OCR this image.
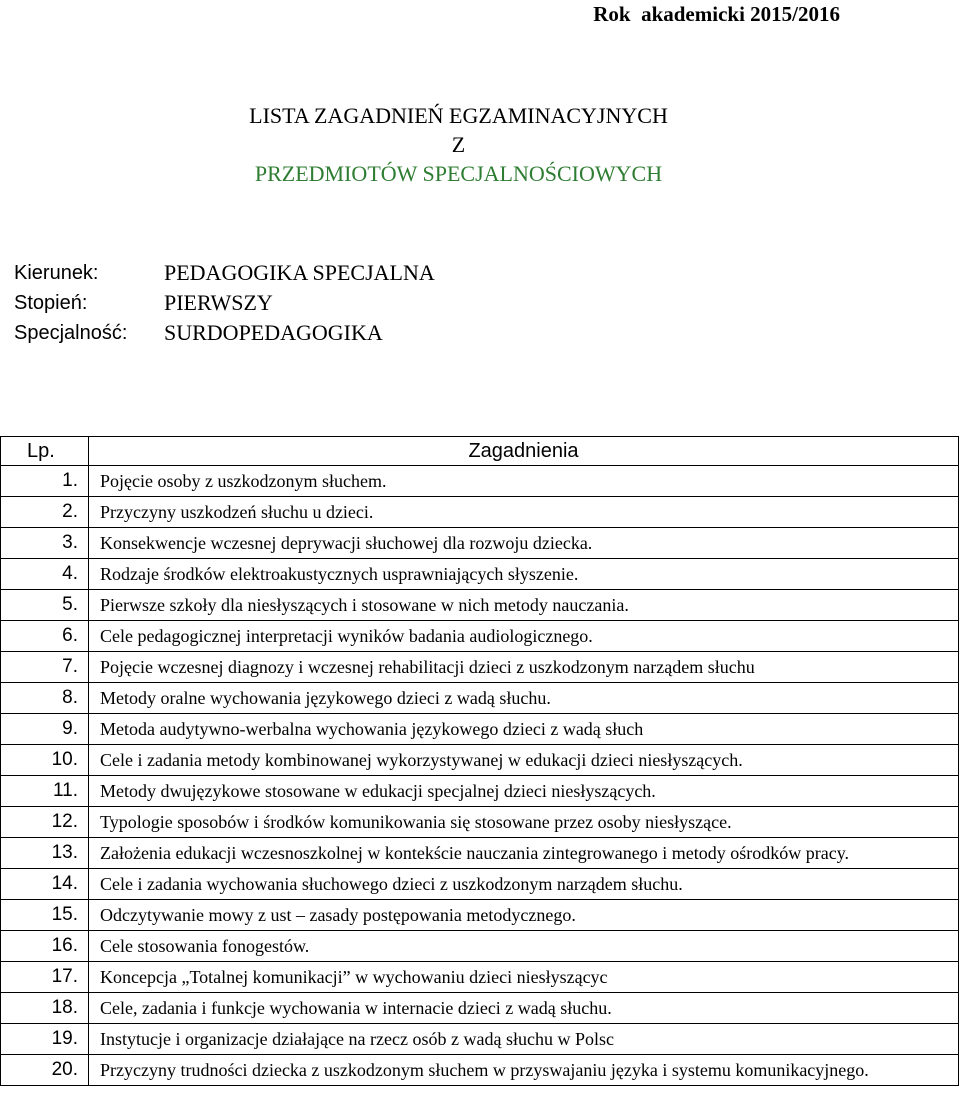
Rok  akademicki 2015/2016
LISTA ZAGADNIEŃ EGZAMINACYJNYCH
Z
PRZEDMIOTÓW SPECJALNOŚCIOWYCH
Kierunek:	PEDAGOGIKA SPECJALNA
Stopień:	PIERWSZY
Specjalność:	SURDOPEDAGOGIKA
Lp.	Zagadnienia
1.	Pojęcie osoby z uszkodzonym słuchem.
2.	Przyczyny uszkodzeń słuchu u dzieci.
3.	Konsekwencje wczesnej deprywacji słuchowej dla rozwoju dziecka.
4.	Rodzaje środków elektroakustycznych usprawniających słyszenie.
5.	Pierwsze szkoły dla niesłyszących i stosowane w nich metody nauczania.
6.	Cele pedagogicznej interpretacji wyników badania audiologicznego.
7.	Pojęcie wczesnej diagnozy i wczesnej rehabilitacji dzieci z uszkodzonym narządem słuchu
8.	Metody oralne wychowania językowego dzieci z wadą słuchu.
9.	Metoda audytywno-werbalna wychowania językowego dzieci z wadą słuch
10.	Cele i zadania metody kombinowanej wykorzystywanej w edukacji dzieci niesłyszących.
11.	Metody dwujęzykowe stosowane w edukacji specjalnej dzieci niesłyszących.
12.	Typologie sposobów i środków komunikowania się stosowane przez osoby niesłyszące.
13.	Założenia edukacji wczesnoszkolnej w kontekście nauczania zintegrowanego i metody ośrodków pracy.
14.	Cele i zadania wychowania słuchowego dzieci z uszkodzonym narządem słuchu.
15.	Odczytywanie mowy z ust – zasady postępowania metodycznego.
16.	Cele stosowania fonogestów.
17.	Koncepcja „Totalnej komunikacji” w wychowaniu dzieci niesłyszącyc
18.	Cele, zadania i funkcje wychowania w internacie dzieci z wadą słuchu.
19.	Instytucje i organizacje działające na rzecz osób z wadą słuchu w Polsc
20.	Przyczyny trudności dziecka z uszkodzonym słuchem w przyswajaniu języka i systemu komunikacyjnego.
